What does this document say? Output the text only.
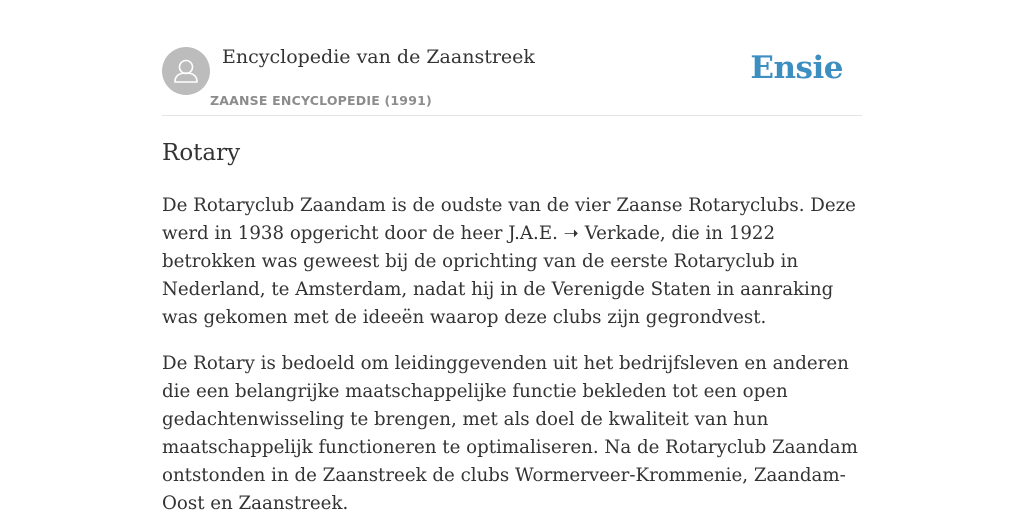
Encyclopedie van de Zaanstreek
ZAANSE ENCYCLOPEDIE (1991)
Ensie
Rotary

De Rotaryclub Zaandam is de oudste van de vier Zaanse Rotaryclubs. Deze werd in 1938 opgericht door de heer J.A.E. ➝ Verkade, die in 1922 betrokken was geweest bij de oprichting van de eerste Rotaryclub in Nederland, te Amsterdam, nadat hij in de Verenigde Staten in aanraking was gekomen met de ideeën waarop deze clubs zijn gegrondvest.

De Rotary is bedoeld om leidinggevenden uit het bedrijfsleven en anderen die een belangrijke maatschappelijke functie bekleden tot een open gedachtenwisseling te brengen, met als doel de kwaliteit van hun maatschappelijk functioneren te optimaliseren. Na de Rotaryclub Zaandam ontstonden in de Zaanstreek de clubs Wormerveer-Krommenie, Zaandam-Oost en Zaanstreek.
